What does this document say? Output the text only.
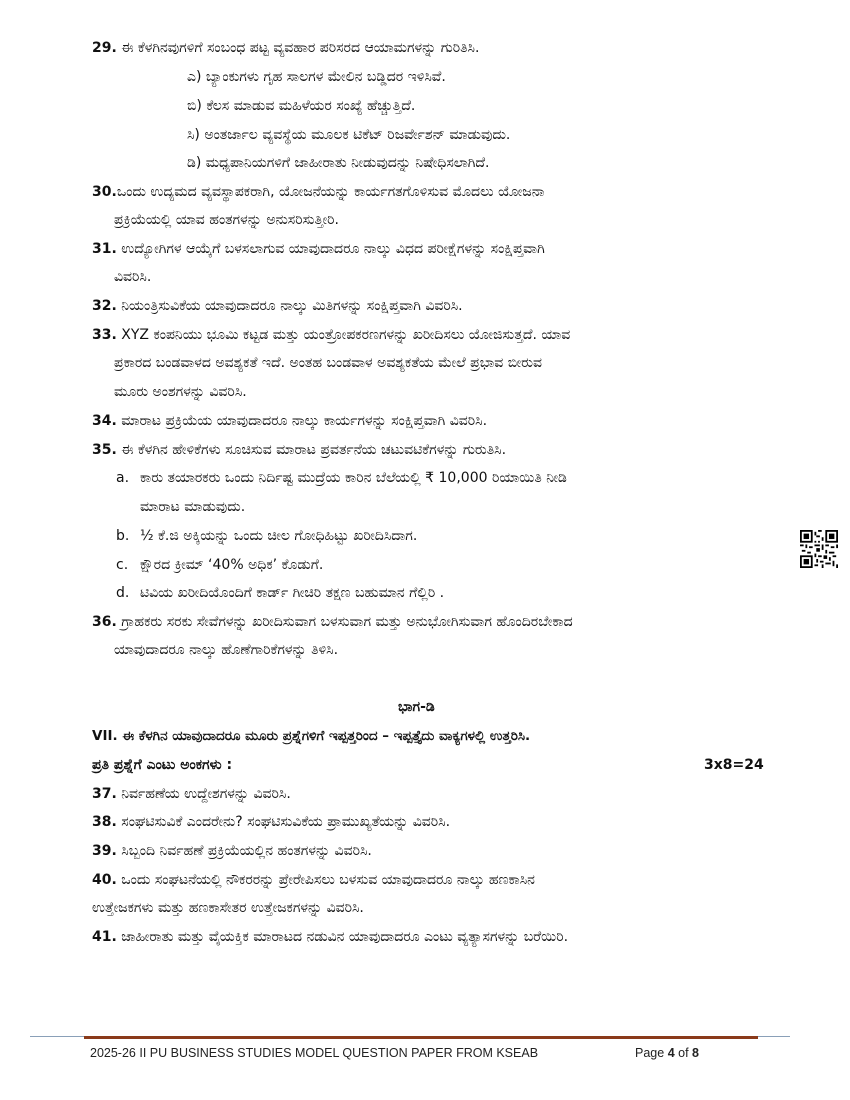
29. ಈ ಕೆಳಗಿನವುಗಳಿಗೆ ಸಂಬಂಧ ಪಟ್ಟ ವ್ಯವಹಾರ ಪರಿಸರದ ಆಯಾಮಗಳನ್ನು ಗುರಿತಿಸಿ.
ಎ) ಬ್ಯಾಂಕುಗಳು ಗೃಹ ಸಾಲಗಳ ಮೇಲಿನ ಬಡ್ಡಿದರ ಇಳಿಸಿವೆ.
ಬಿ) ಕೆಲಸ ಮಾಡುವ ಮಹಿಳೆಯರ ಸಂಖ್ಯೆ ಹೆಚ್ಚುತ್ತಿದೆ.
ಸಿ) ಅಂತರ್ಜಾಲ ವ್ಯವಸ್ಥೆಯ ಮೂಲಕ ಟಿಕೆಟ್ ರಿಜರ್ವೇಶನ್ ಮಾಡುವುದು.
ಡಿ) ಮಧ್ಯಪಾನಿಯಗಳಿಗೆ ಜಾಹೀರಾತು ನೀಡುವುದನ್ನು ನಿಷೇಧಿಸಲಾಗಿದೆ.
30.ಒಂದು ಉದ್ಯಮದ ವ್ಯವಸ್ಥಾಪಕರಾಗಿ, ಯೋಜನೆಯನ್ನು ಕಾರ್ಯಗತಗೊಳಿಸುವ ಮೊದಲು ಯೋಜನಾ
ಪ್ರಕ್ರಿಯೆಯಲ್ಲಿ ಯಾವ ಹಂತಗಳನ್ನು ಅನುಸರಿಸುತ್ತೀರಿ.
31. ಉದ್ಯೋಗಿಗಳ ಆಯ್ಕೆಗೆ ಬಳಸಲಾಗುವ ಯಾವುದಾದರೂ ನಾಲ್ಕು ವಿಧದ ಪರೀಕ್ಷೆಗಳನ್ನು ಸಂಕ್ಷಿಪ್ತವಾಗಿ
ವಿವರಿಸಿ.
32. ನಿಯಂತ್ರಿಸುವಿಕೆಯ ಯಾವುದಾದರೂ ನಾಲ್ಕು ಮಿತಿಗಳನ್ನು ಸಂಕ್ಷಿಪ್ತವಾಗಿ ವಿವರಿಸಿ.
33. XYZ ಕಂಪನಿಯು ಭೂಮಿ ಕಟ್ಟಡ ಮತ್ತು ಯಂತ್ರೋಪಕರಣಗಳನ್ನು ಖರೀದಿಸಲು ಯೋಜಿಸುತ್ತದೆ. ಯಾವ
ಪ್ರಕಾರದ ಬಂಡವಾಳದ ಅವಶ್ಯಕತೆ ಇದೆ. ಅಂತಹ ಬಂಡವಾಳ ಅವಶ್ಯಕತೆಯ ಮೇಲೆ ಪ್ರಭಾವ ಬೀರುವ
ಮೂರು ಅಂಶಗಳನ್ನು ವಿವರಿಸಿ.
34. ಮಾರಾಟ ಪ್ರಕ್ರಿಯೆಯ ಯಾವುದಾದರೂ ನಾಲ್ಕು ಕಾರ್ಯಗಳನ್ನು ಸಂಕ್ಷಿಪ್ತವಾಗಿ ವಿವರಿಸಿ.
35. ಈ ಕೆಳಗಿನ ಹೇಳಿಕೆಗಳು ಸೂಚಿಸುವ ಮಾರಾಟ ಪ್ರವರ್ತನೆಯ ಚಟುವಟಿಕೆಗಳನ್ನು ಗುರುತಿಸಿ.
a. ಕಾರು ತಯಾರಕರು ಒಂದು ನಿರ್ದಿಷ್ಟ ಮುದ್ರೆಯ ಕಾರಿನ ಬೆಲೆಯಲ್ಲಿ ₹ 10,000 ರಿಯಾಯಿತಿ ನೀಡಿ
ಮಾರಾಟ ಮಾಡುವುದು.
b. ½ ಕೆ.ಜಿ ಅಕ್ಕಿಯನ್ನು ಒಂದು ಚೀಲ ಗೋಧಿಹಿಟ್ಟು ಖರೀದಿಸಿದಾಗ.
c. ಕ್ಷೌರದ ಕ್ರೀಮ್ ‘40% ಅಧಿಕ’ ಕೊಡುಗೆ.
d. ಟಿವಿಯ ಖರೀದಿಯೊಂದಿಗೆ ಕಾರ್ಡ್ ಗೀಚಿರಿ ತಕ್ಷಣ ಬಹುಮಾನ ಗೆಲ್ಲಿರಿ .
36. ಗ್ರಾಹಕರು ಸರಕು ಸೇವೆಗಳನ್ನು ಖರೀದಿಸುವಾಗ ಬಳಸುವಾಗ ಮತ್ತು ಅನುಭೋಗಿಸುವಾಗ ಹೊಂದಿರಬೇಕಾದ
ಯಾವುದಾದರೂ ನಾಲ್ಕು ಹೊಣೆಗಾರಿಕೆಗಳನ್ನು ತಿಳಿಸಿ.
ಭಾಗ-ಡಿ
VII. ಈ ಕೆಳಗಿನ ಯಾವುದಾದರೂ ಮೂರು ಪ್ರಶ್ನೆಗಳಿಗೆ ಇಪ್ಪತ್ತರಿಂದ – ಇಪ್ಪತ್ತೈದು ವಾಕ್ಯಗಳಲ್ಲಿ ಉತ್ತರಿಸಿ.
ಪ್ರತಿ ಪ್ರಶ್ನೆಗೆ ಎಂಟು ಅಂಕಗಳು :	3x8=24
37. ನಿರ್ವಹಣೆಯ ಉದ್ದೇಶಗಳನ್ನು ವಿವರಿಸಿ.
38. ಸಂಘಟಿಸುವಿಕೆ ಎಂದರೇನು? ಸಂಘಟಿಸುವಿಕೆಯ ಪ್ರಾಮುಖ್ಯತೆಯನ್ನು ವಿವರಿಸಿ.
39. ಸಿಬ್ಬಂದಿ ನಿರ್ವಹಣೆ ಪ್ರಕ್ರಿಯೆಯಲ್ಲಿನ ಹಂತಗಳನ್ನು ವಿವರಿಸಿ.
40. ಒಂದು ಸಂಘಟನೆಯಲ್ಲಿ ನೌಕರರನ್ನು ಪ್ರೇರೇಪಿಸಲು ಬಳಸುವ ಯಾವುದಾದರೂ ನಾಲ್ಕು ಹಣಕಾಸಿನ
ಉತ್ತೇಜಕಗಳು ಮತ್ತು ಹಣಕಾಸೇತರ ಉತ್ತೇಜಕಗಳನ್ನು ವಿವರಿಸಿ.
41. ಜಾಹೀರಾತು ಮತ್ತು ವೈಯಕ್ತಿಕ ಮಾರಾಟದ ನಡುವಿನ ಯಾವುದಾದರೂ ಎಂಟು ವ್ಯತ್ಯಾಸಗಳನ್ನು ಬರೆಯಿರಿ.
2025-26 II PU BUSINESS STUDIES MODEL QUESTION PAPER FROM KSEAB	Page 4 of 8
